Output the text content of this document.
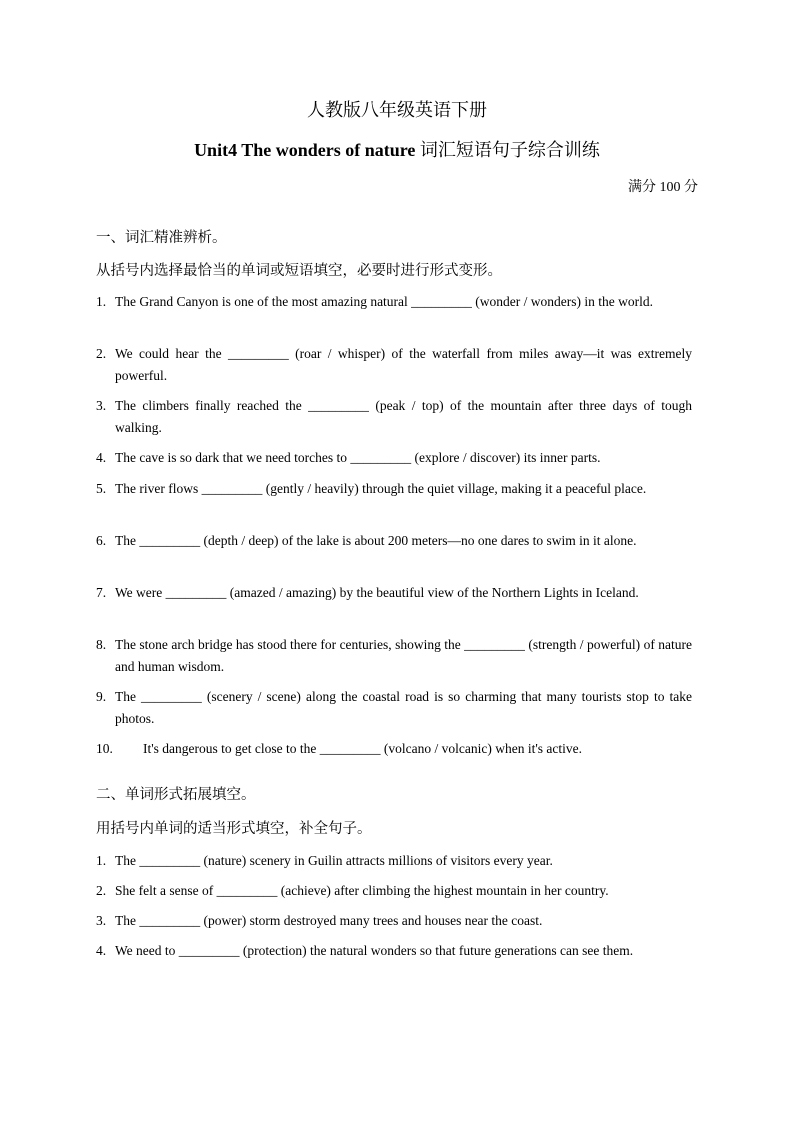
人教版八年级英语下册
Unit4 The wonders of nature 词汇短语句子综合训练
满分 100 分
一、词汇精准辨析。
从括号内选择最恰当的单词或短语填空，必要时进行形式变形。
1. The Grand Canyon is one of the most amazing natural _________ (wonder / wonders) in the world.
2. We could hear the _________ (roar / whisper) of the waterfall from miles away—it was extremely powerful.
3. The climbers finally reached the _________ (peak / top) of the mountain after three days of tough walking.
4. The cave is so dark that we need torches to _________ (explore / discover) its inner parts.
5. The river flows _________ (gently / heavily) through the quiet village, making it a peaceful place.
6. The _________ (depth / deep) of the lake is about 200 meters—no one dares to swim in it alone.
7. We were _________ (amazed / amazing) by the beautiful view of the Northern Lights in Iceland.
8. The stone arch bridge has stood there for centuries, showing the _________ (strength / powerful) of nature and human wisdom.
9. The _________ (scenery / scene) along the coastal road is so charming that many tourists stop to take photos.
10.	It's dangerous to get close to the _________ (volcano / volcanic) when it's active.
二、单词形式拓展填空。
用括号内单词的适当形式填空，补全句子。
1. The _________ (nature) scenery in Guilin attracts millions of visitors every year.
2. She felt a sense of _________ (achieve) after climbing the highest mountain in her country.
3. The _________ (power) storm destroyed many trees and houses near the coast.
4. We need to _________ (protection) the natural wonders so that future generations can see them.
